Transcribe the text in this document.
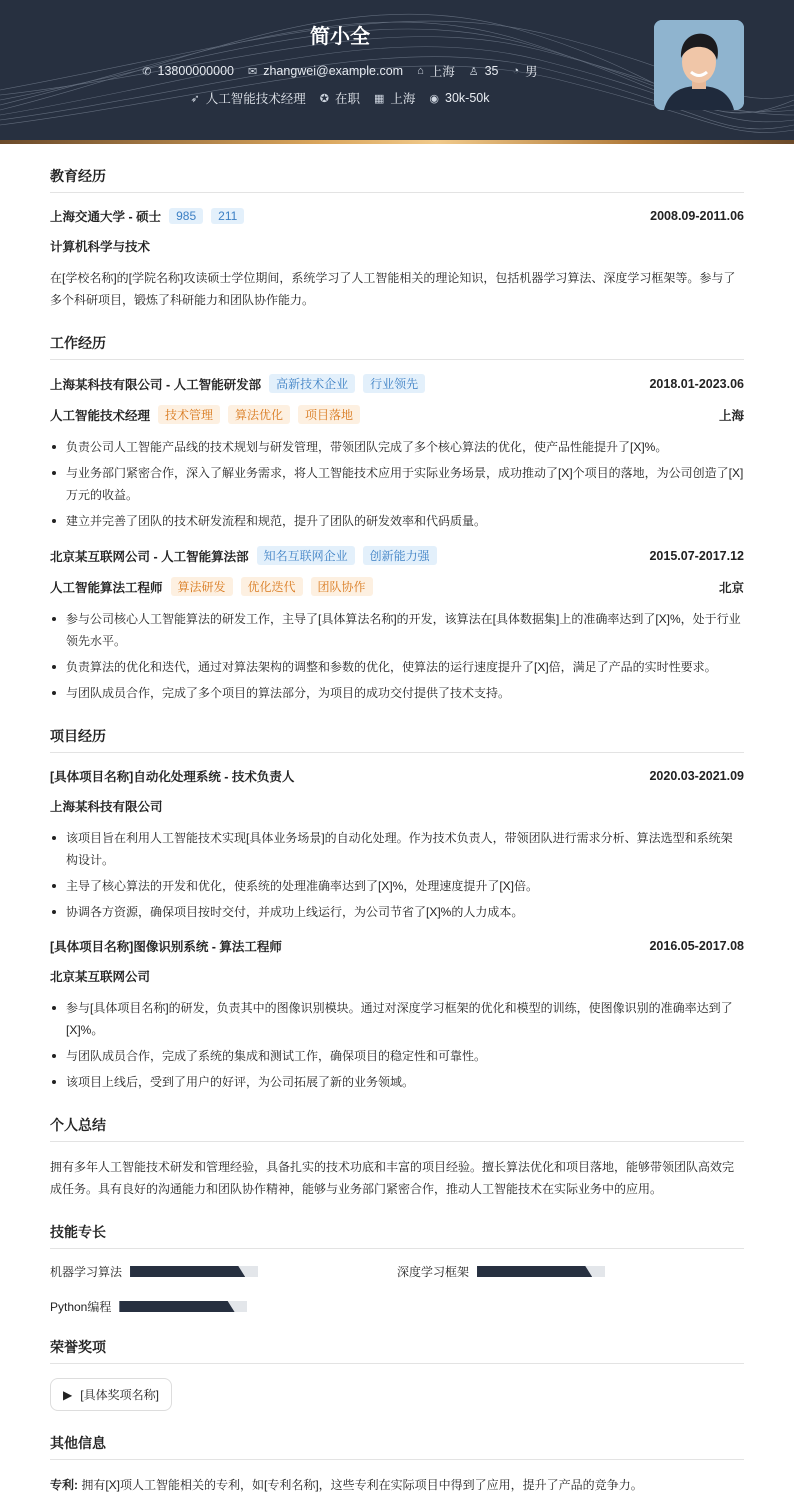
简小全
✆ 13800000000 ✉ zhangwei@example.com ⌂ 上海 ♙ 35 ◔ 男
➶ 人工智能技术经理 ✪ 在职 ▦ 上海 ◉ 30k-50k
教育经历
上海交通大学 - 硕士	985	211	2008.09-2011.06
计算机科学与技术

在[学校名称]的[学院名称]攻读硕士学位期间，系统学习了人工智能相关的理论知识，包括机器学习算法、深度学习框架等。参与了多个科研项目，锻炼了科研能力和团队协作能力。

工作经历
上海某科技有限公司 - 人工智能研发部	高新技术企业	行业领先	2018.01-2023.06
人工智能技术经理	技术管理	算法优化	项目落地	上海
负责公司人工智能产品线的技术规划与研发管理，带领团队完成了多个核心算法的优化，使产品性能提升了[X]%。
与业务部门紧密合作，深入了解业务需求，将人工智能技术应用于实际业务场景，成功推动了[X]个项目的落地，为公司创造了[X]万元的收益。
建立并完善了团队的技术研发流程和规范，提升了团队的研发效率和代码质量。
北京某互联网公司 - 人工智能算法部	知名互联网企业	创新能力强	2015.07-2017.12
人工智能算法工程师	算法研发	优化迭代	团队协作	北京
参与公司核心人工智能算法的研发工作，主导了[具体算法名称]的开发，该算法在[具体数据集]上的准确率达到了[X]%，处于行业领先水平。
负责算法的优化和迭代，通过对算法架构的调整和参数的优化，使算法的运行速度提升了[X]倍，满足了产品的实时性要求。
与团队成员合作，完成了多个项目的算法部分，为项目的成功交付提供了技术支持。
项目经历
[具体项目名称]自动化处理系统 - 技术负责人	2020.03-2021.09
上海某科技有限公司
该项目旨在利用人工智能技术实现[具体业务场景]的自动化处理。作为技术负责人，带领团队进行需求分析、算法选型和系统架构设计。
主导了核心算法的开发和优化，使系统的处理准确率达到了[X]%，处理速度提升了[X]倍。
协调各方资源，确保项目按时交付，并成功上线运行，为公司节省了[X]%的人力成本。
[具体项目名称]图像识别系统 - 算法工程师	2016.05-2017.08
北京某互联网公司
参与[具体项目名称]的研发，负责其中的图像识别模块。通过对深度学习框架的优化和模型的训练，使图像识别的准确率达到了[X]%。
与团队成员合作，完成了系统的集成和测试工作，确保项目的稳定性和可靠性。
该项目上线后，受到了用户的好评，为公司拓展了新的业务领域。
个人总结

拥有多年人工智能技术研发和管理经验，具备扎实的技术功底和丰富的项目经验。擅长算法优化和项目落地，能够带领团队高效完成任务。具有良好的沟通能力和团队协作精神，能够与业务部门紧密合作，推动人工智能技术在实际业务中的应用。

技能专长
机器学习算法	深度学习框架
Python编程
荣誉奖项
▶ [具体奖项名称]
其他信息

专利: 拥有[X]项人工智能相关的专利，如[专利名称]，这些专利在实际项目中得到了应用，提升了产品的竞争力。
